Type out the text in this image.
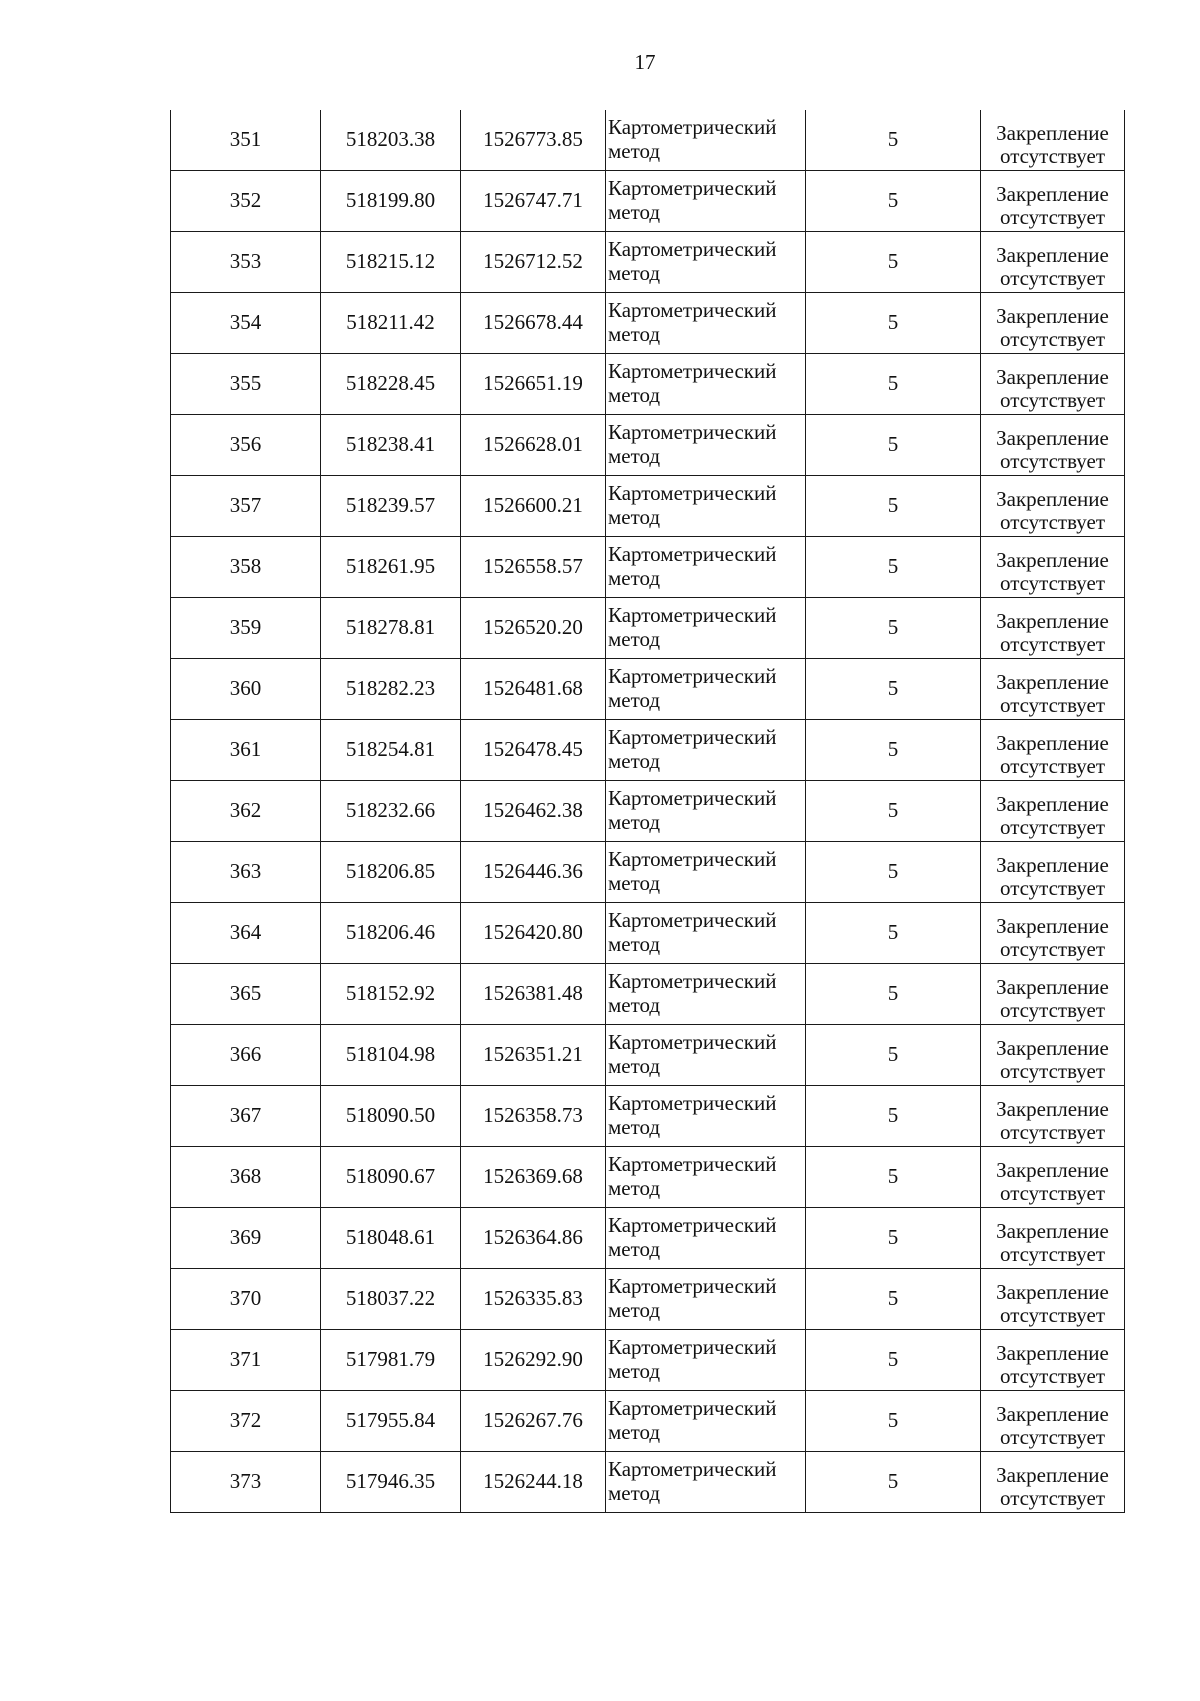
17
351	518203.38	1526773.85	Картометрический метод	5	Закрепление отсутствует
352	518199.80	1526747.71	Картометрический метод	5	Закрепление отсутствует
353	518215.12	1526712.52	Картометрический метод	5	Закрепление отсутствует
354	518211.42	1526678.44	Картометрический метод	5	Закрепление отсутствует
355	518228.45	1526651.19	Картометрический метод	5	Закрепление отсутствует
356	518238.41	1526628.01	Картометрический метод	5	Закрепление отсутствует
357	518239.57	1526600.21	Картометрический метод	5	Закрепление отсутствует
358	518261.95	1526558.57	Картометрический метод	5	Закрепление отсутствует
359	518278.81	1526520.20	Картометрический метод	5	Закрепление отсутствует
360	518282.23	1526481.68	Картометрический метод	5	Закрепление отсутствует
361	518254.81	1526478.45	Картометрический метод	5	Закрепление отсутствует
362	518232.66	1526462.38	Картометрический метод	5	Закрепление отсутствует
363	518206.85	1526446.36	Картометрический метод	5	Закрепление отсутствует
364	518206.46	1526420.80	Картометрический метод	5	Закрепление отсутствует
365	518152.92	1526381.48	Картометрический метод	5	Закрепление отсутствует
366	518104.98	1526351.21	Картометрический метод	5	Закрепление отсутствует
367	518090.50	1526358.73	Картометрический метод	5	Закрепление отсутствует
368	518090.67	1526369.68	Картометрический метод	5	Закрепление отсутствует
369	518048.61	1526364.86	Картометрический метод	5	Закрепление отсутствует
370	518037.22	1526335.83	Картометрический метод	5	Закрепление отсутствует
371	517981.79	1526292.90	Картометрический метод	5	Закрепление отсутствует
372	517955.84	1526267.76	Картометрический метод	5	Закрепление отсутствует
373	517946.35	1526244.18	Картометрический метод	5	Закрепление отсутствует
